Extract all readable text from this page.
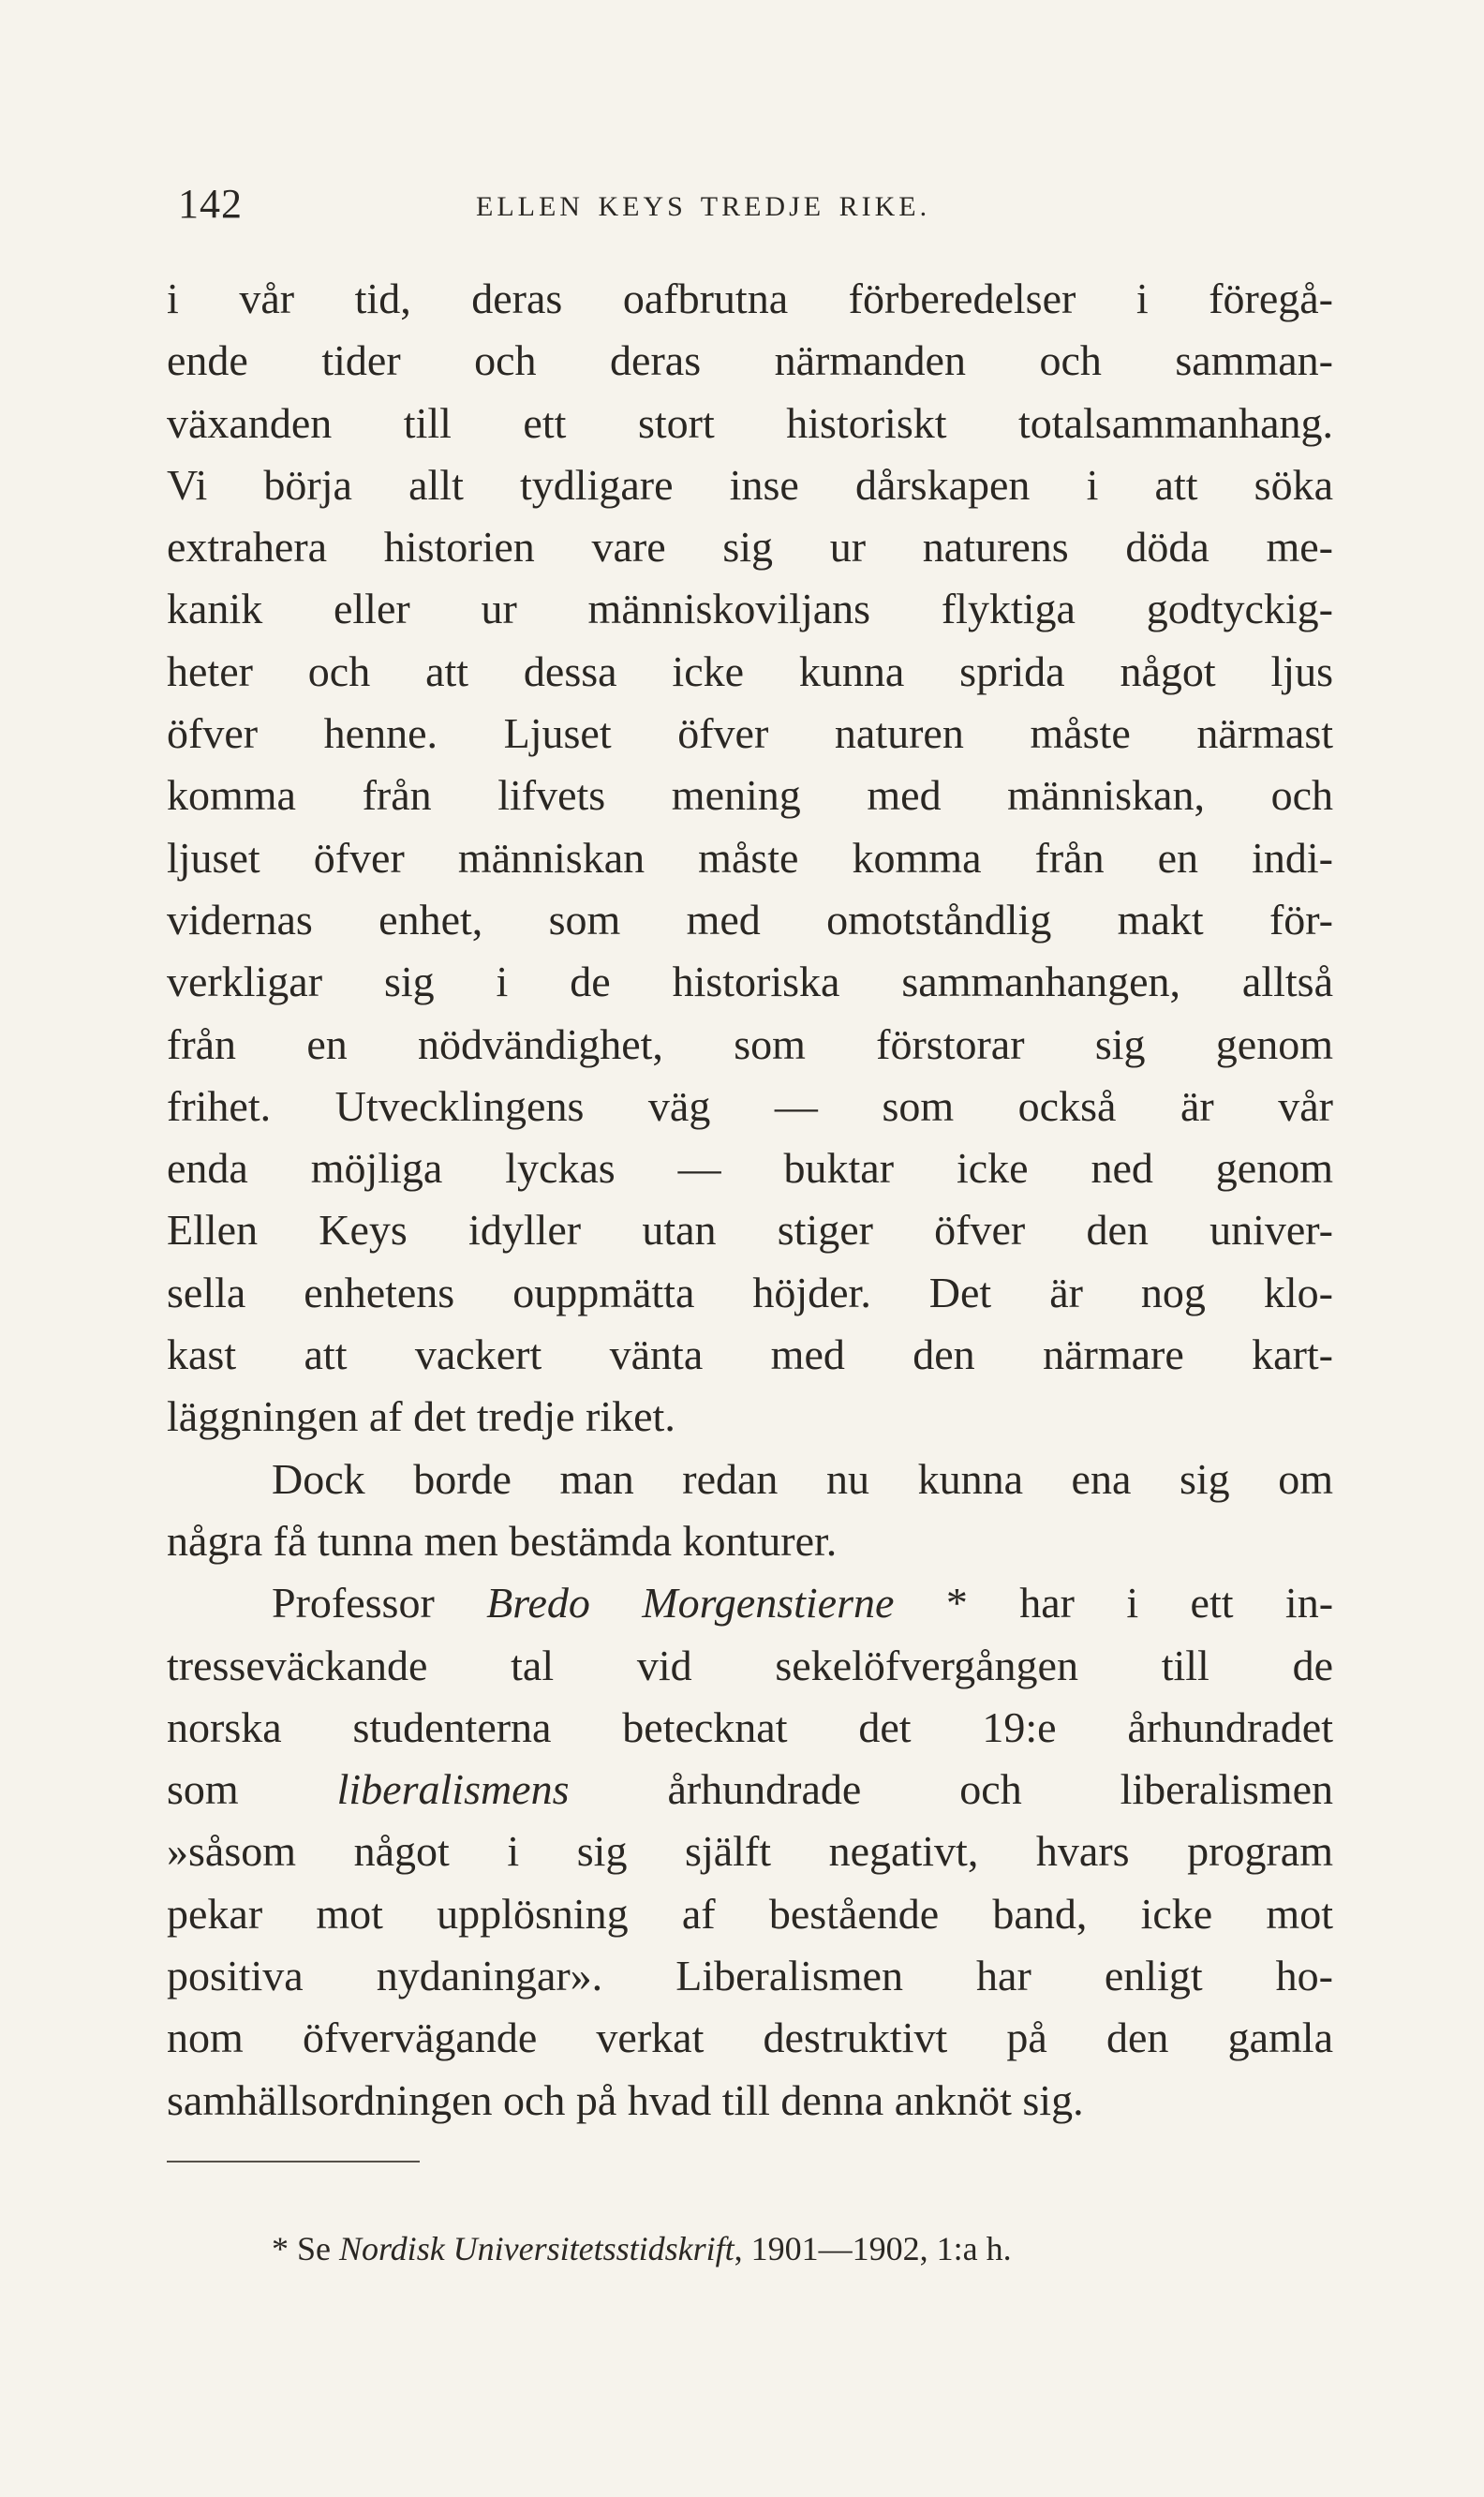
142	ELLEN KEYS TREDJE RIKE.
i vår tid, deras oafbrutna förberedelser i föregå-
ende tider och deras närmanden och samman-
växanden till ett stort historiskt totalsammanhang.
Vi börja allt tydligare inse dårskapen i att söka
extrahera historien vare sig ur naturens döda me-
kanik eller ur människoviljans flyktiga godtyckig-
heter och att dessa icke kunna sprida något ljus
öfver henne. Ljuset öfver naturen måste närmast
komma från lifvets mening med människan, och
ljuset öfver människan måste komma från en indi-
vidernas enhet, som med omotståndlig makt för-
verkligar sig i de historiska sammanhangen, alltså
från en nödvändighet, som förstorar sig genom
frihet. Utvecklingens väg — som också är vår
enda möjliga lyckas — buktar icke ned genom
Ellen Keys idyller utan stiger öfver den univer-
sella enhetens ouppmätta höjder. Det är nog klo-
kast att vackert vänta med den närmare kart-
läggningen af det tredje riket.
Dock borde man redan nu kunna ena sig om
några få tunna men bestämda konturer.
Professor Bredo Morgenstierne * har i ett in-
tresseväckande tal vid sekelöfvergången till de
norska studenterna betecknat det 19:e århundradet
som liberalismens århundrade och liberalismen
»såsom något i sig själft negativt, hvars program
pekar mot upplösning af bestående band, icke mot
positiva nydaningar». Liberalismen har enligt ho-
nom öfvervägande verkat destruktivt på den gamla
samhällsordningen och på hvad till denna anknöt sig.
* Se Nordisk Universitetsstidskrift, 1901—1902, 1:a h.
